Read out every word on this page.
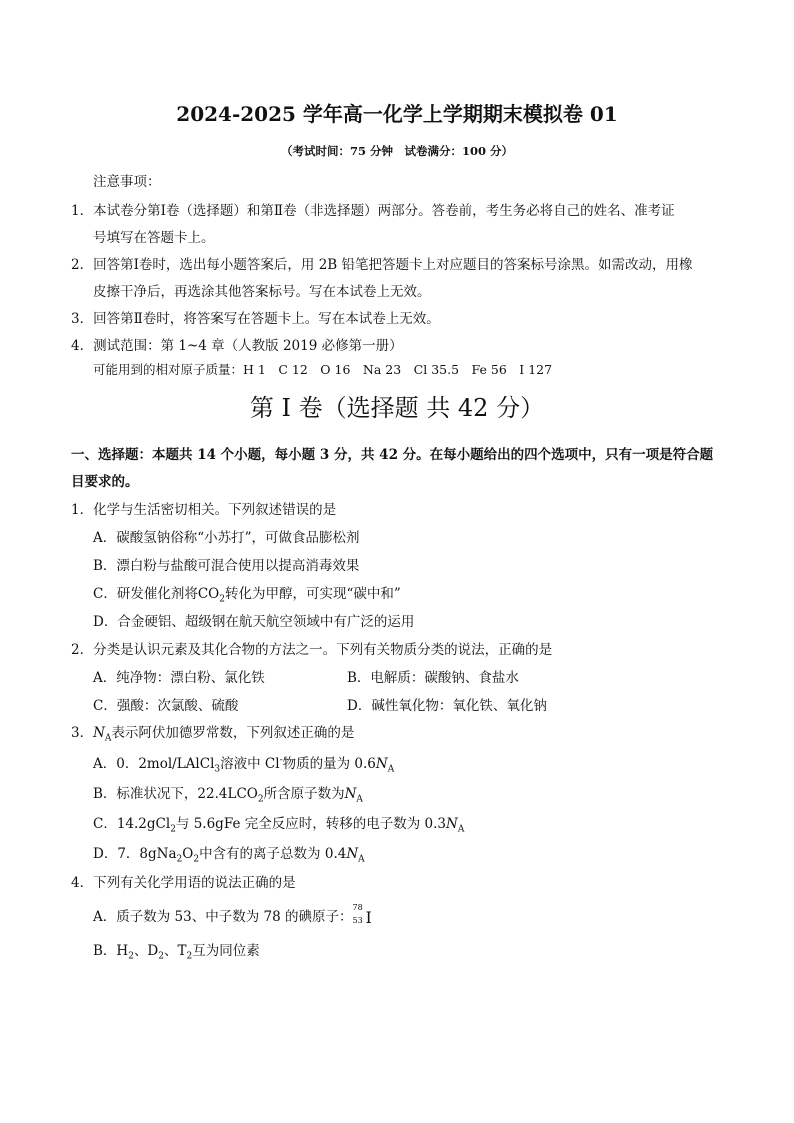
2024-2025 学年高一化学上学期期末模拟卷 01
（考试时间：75 分钟　试卷满分：100 分）
注意事项：
1．本试卷分第Ⅰ卷（选择题）和第Ⅱ卷（非选择题）两部分。答卷前，考生务必将自己的姓名、准考证
号填写在答题卡上。
2．回答第Ⅰ卷时，选出每小题答案后，用 2B 铅笔把答题卡上对应题目的答案标号涂黑。如需改动，用橡
皮擦干净后，再选涂其他答案标号。写在本试卷上无效。
3．回答第Ⅱ卷时，将答案写在答题卡上。写在本试卷上无效。
4．测试范围：第 1~4 章（人教版 2019 必修第一册）
可能用到的相对原子质量：H 1　C 12　O 16　Na 23　Cl 35.5　Fe 56　I 127
第 I 卷（选择题 共 42 分）
一、选择题：本题共 14 个小题，每小题 3 分，共 42 分。在每小题给出的四个选项中，只有一项是符合题
目要求的。
1．化学与生活密切相关。下列叙述错误的是
A．碳酸氢钠俗称“小苏打”，可做食品膨松剂
B．漂白粉与盐酸可混合使用以提高消毒效果
C．研发催化剂将$CO_2$转化为甲醇，可实现“碳中和”
D．合金硬铝、超级钢在航天航空领域中有广泛的运用
2．分类是认识元素及其化合物的方法之一。下列有关物质分类的说法，正确的是
A．纯净物：漂白粉、氯化铁	B．电解质：碳酸钠、食盐水
C．强酸：次氯酸、硫酸	D．碱性氧化物：氧化铁、氧化钠
3．$N_A$表示阿伏加德罗常数，下列叙述正确的是
A．0．2mol/LAlCl$_3$溶液中 Cl-物质的量为 $0.6N_A$
B．标准状况下，$22.4LCO_2$所含原子数为$N_A$
C．14.2gCl$_2$与 5.6gFe 完全反应时，转移的电子数为 $0.3N_A$
D．7．$8gNa_2O_2$中含有的离子总数为 $0.4N_A$
4．下列有关化学用语的说法正确的是
A．质子数为 53、中子数为 78 的碘原子：
78
53 I
B．$H_2$、$D_2$、$T_2$互为同位素
